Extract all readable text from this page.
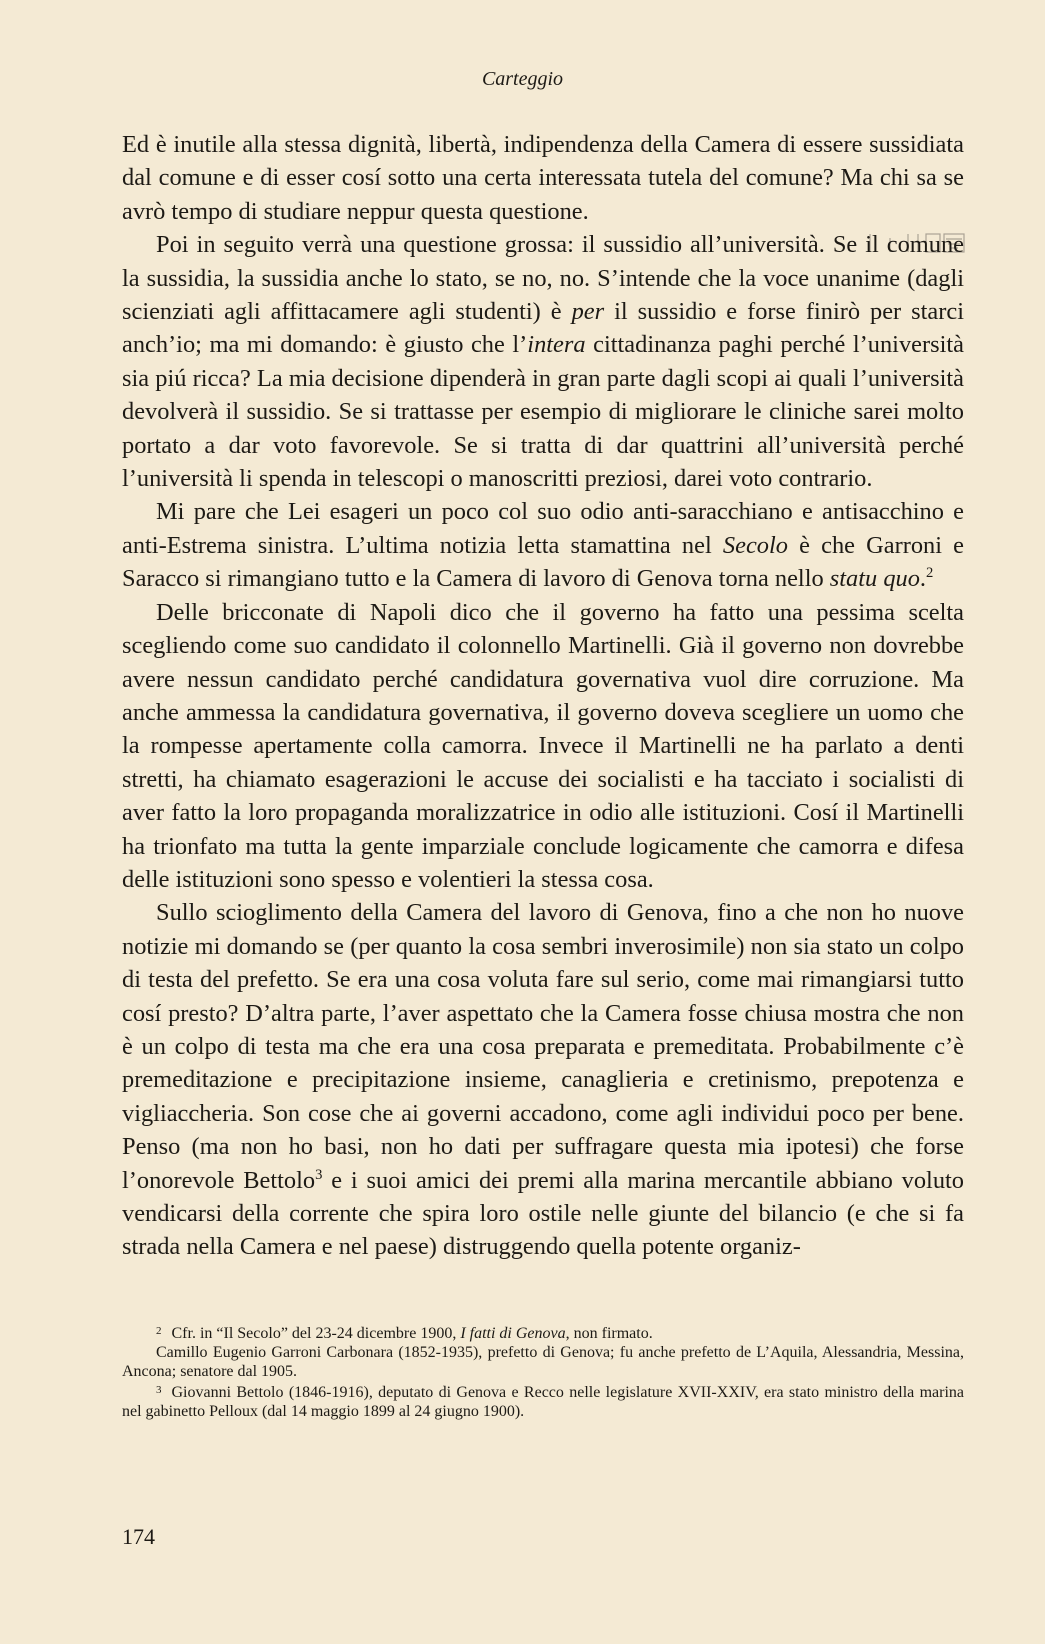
Carteggio

Ed è inutile alla stessa dignità, libertà, indipendenza della Camera di essere sussidiata dal comune e di esser cosí sotto una certa interessata tutela del comune? Ma chi sa se avrò tempo di studiare neppur questa questione.

Poi in seguito verrà una questione grossa: il sussidio all’università. Se il comune la sussidia, la sussidia anche lo stato, se no, no. S’intende che la voce unanime (dagli scienziati agli affittacamere agli studenti) è per il sussidio e forse finirò per starci anch’io; ma mi domando: è giusto che l’intera cittadinanza paghi perché l’università sia piú ricca? La mia decisione dipenderà in gran parte dagli scopi ai quali l’università devolverà il sussidio. Se si trattasse per esempio di migliorare le cliniche sarei molto portato a dar voto favorevole. Se si tratta di dar quattrini all’università perché l’università li spenda in telescopi o manoscritti preziosi, darei voto contrario.

Mi pare che Lei esageri un poco col suo odio anti-saracchiano e antisacchino e anti-Estrema sinistra. L’ultima notizia letta stamattina nel Secolo è che Garroni e Saracco si rimangiano tutto e la Camera di lavoro di Genova torna nello statu quo.$^2$

Delle bricconate di Napoli dico che il governo ha fatto una pessima scelta scegliendo come suo candidato il colonnello Martinelli. Già il governo non dovrebbe avere nessun candidato perché candidatura governativa vuol dire corruzione. Ma anche ammessa la candidatura governativa, il governo doveva scegliere un uomo che la rompesse apertamente colla camorra. Invece il Martinelli ne ha parlato a denti stretti, ha chiamato esagerazioni le accuse dei socialisti e ha tacciato i socialisti di aver fatto la loro propaganda moralizzatrice in odio alle istituzioni. Cosí il Martinelli ha trionfato ma tutta la gente imparziale conclude logicamente che camorra e difesa delle istituzioni sono spesso e volentieri la stessa cosa.

Sullo scioglimento della Camera del lavoro di Genova, fino a che non ho nuove notizie mi domando se (per quanto la cosa sembri inverosimile) non sia stato un colpo di testa del prefetto. Se era una cosa voluta fare sul serio, come mai rimangiarsi tutto cosí presto? D’altra parte, l’aver aspettato che la Camera fosse chiusa mostra che non è un colpo di testa ma che era una cosa preparata e premeditata. Probabilmente c’è premeditazione e precipitazione insieme, canaglieria e cretinismo, prepotenza e vigliaccheria. Son cose che ai governi accadono, come agli individui poco per bene. Penso (ma non ho basi, non ho dati per suffragare questa mia ipotesi) che forse l’onorevole Bettolo$^3$ e i suoi amici dei premi alla marina mercantile abbiano voluto vendicarsi della corrente che spira loro ostile nelle giunte del bilancio (e che si fa strada nella Camera e nel paese) distruggendo quella potente organiz-

$^2$ Cfr. in “Il Secolo” del 23-24 dicembre 1900, I fatti di Genova, non firmato.

Camillo Eugenio Garroni Carbonara (1852-1935), prefetto di Genova; fu anche prefetto de L’Aquila, Alessandria, Messina, Ancona; senatore dal 1905.

$^3$ Giovanni Bettolo (1846-1916), deputato di Genova e Recco nelle legislature XVII-XXIV, era stato ministro della marina nel gabinetto Pelloux (dal 14 maggio 1899 al 24 giugno 1900).

174
